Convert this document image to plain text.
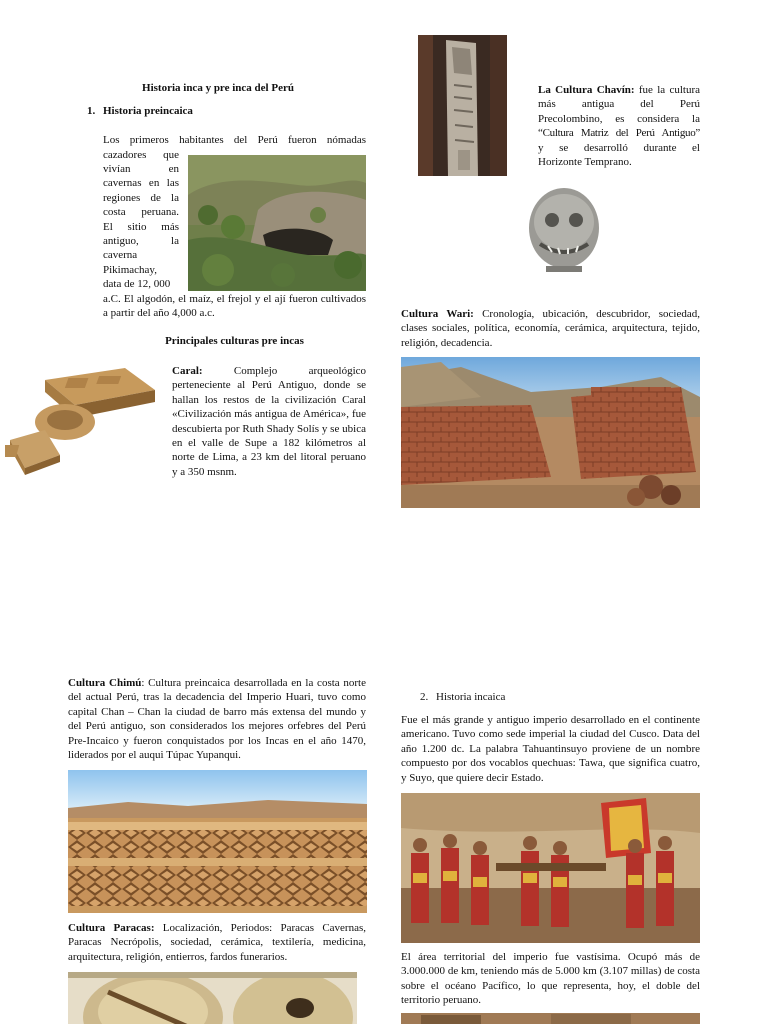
Historia inca y pre inca del Perú
1. Historia preincaica
Los primeros habitantes del Perú fueron nómadas
cazadores que
vivían en
cavernas en las
regiones de la
costa peruana.
El sitio más
antiguo, la
caverna
Pikimachay,
data de 12, 000
a.C. El algodón, el maíz, el frejol y el ají fueron cultivados a partir del año 4,000 a.c.
Principales culturas pre incas
Caral:	Complejo arqueológico perteneciente al Perú Antiguo, donde se hallan los restos de la civilización Caral «Civilización más antigua de América», fue descubierta por Ruth Shady Solís y se ubica en el valle de Supe a 182 kilómetros al norte de Lima, a 23 km del litoral peruano y a 350 msnm.
Cultura Chimú: Cultura preincaica desarrollada en la costa norte del actual Perú, tras la decadencia del Imperio Huari, tuvo como capital Chan – Chan la ciudad de barro más extensa del mundo y del Perú antiguo, son considerados los mejores orfebres del Perú Pre-Incaico y fueron conquistados por los Incas en el año 1470, liderados por el auqui Túpac Yupanqui.
Cultura Paracas: Localización, Periodos: Paracas Cavernas, Paracas Necrópolis, sociedad, cerámica, textilería, medicina, arquitectura, religión, entierros, fardos funerarios.
La Cultura Chavín: fue la cultura
más antigua del Perú
Precolombino, es considera la
“Cultura Matriz del Perú Antiguo”
y se desarrolló durante el
Horizonte Temprano.
Cultura Wari: Cronología, ubicación, descubridor, sociedad, clases sociales, política, economía, cerámica, arquitectura, tejido, religión, decadencia.
2. Historia incaica
Fue el más grande y antiguo imperio desarrollado en el continente americano. Tuvo como sede imperial la ciudad del Cusco. Data del año 1.200 dc. La palabra Tahuantinsuyo proviene de un nombre compuesto por dos vocablos quechuas: Tawa, que significa cuatro, y Suyo, que quiere decir Estado.
El área territorial del imperio fue vastísima. Ocupó más de 3.000.000 de km, teniendo más de 5.000 km (3.107 millas) de costa sobre el océano Pacífico, lo que representa, hoy, el doble del territorio peruano.
